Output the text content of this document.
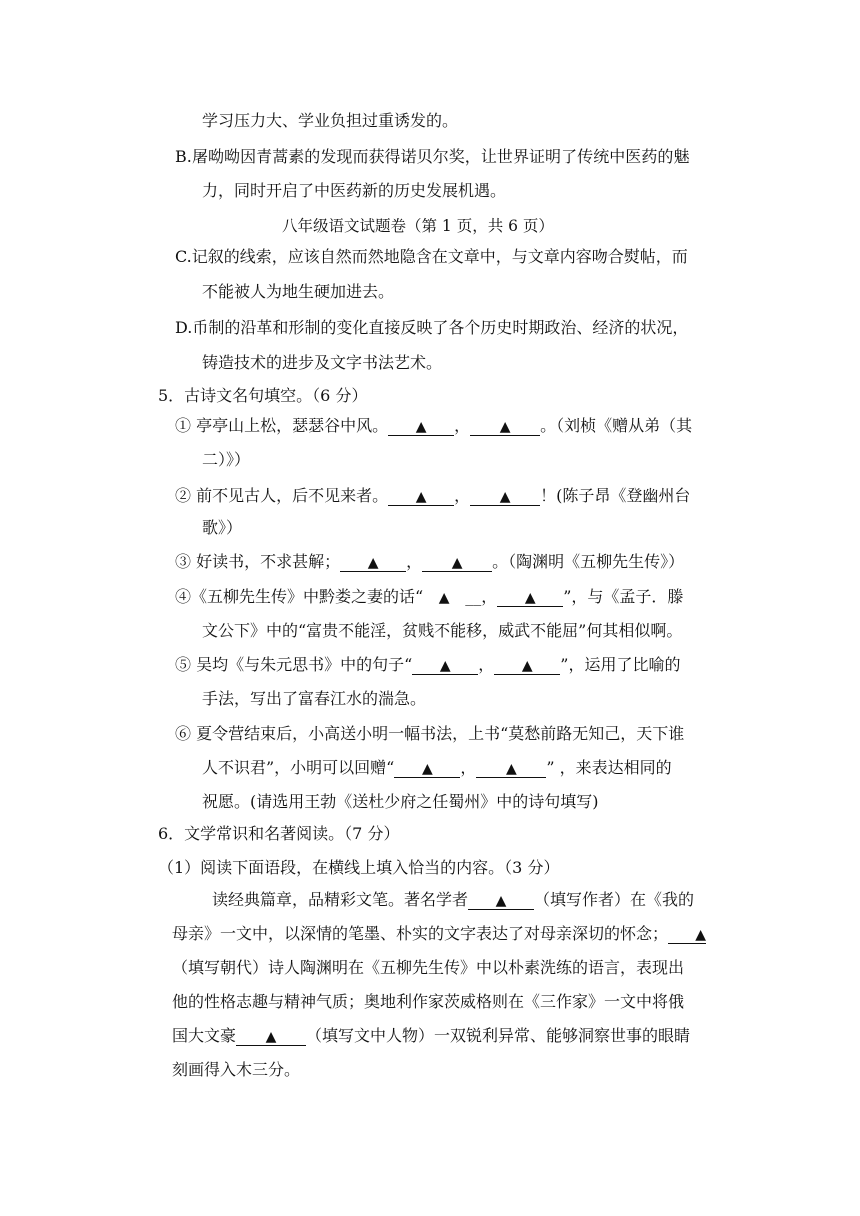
学习压力大、学业负担过重诱发的。
B.屠呦呦因青蒿素的发现而获得诺贝尔奖，让世界证明了传统中医药的魅
力，同时开启了中医药新的历史发展机遇。
八年级语文试题卷（第 1 页，共 6 页）
C.记叙的线索，应该自然而然地隐含在文章中，与文章内容吻合熨帖，而
不能被人为地生硬加进去。
D.币制的沿革和形制的变化直接反映了各个历史时期政治、经济的状况，
铸造技术的进步及文字书法艺术。
5．古诗文名句填空。（6 分）
① 亭亭山上松，瑟瑟谷中风。 ▲ ， ▲ 。（刘桢《赠从弟（其
二）》）
② 前不见古人，后不见来者。 ▲ ， ▲ ！(陈子昂《登幽州台
歌》）
③ 好读书，不求甚解； ▲ ， ▲ 。（陶渊明《五柳先生传》）
④《五柳先生传》中黔娄之妻的话“ ▲ __， ▲ ”，与《孟子．滕
文公下》中的“富贵不能淫，贫贱不能移，威武不能屈”何其相似啊。
⑤ 吴均《与朱元思书》中的句子“ ▲ ， ▲ ”，运用了比喻的
手法，写出了富春江水的湍急。
⑥ 夏令营结束后，小高送小明一幅书法，上书“莫愁前路无知己，天下谁
人不识君”，小明可以回赠“ ▲ ， ▲ ” ，来表达相同的
祝愿。(请选用王勃《送杜少府之任蜀州》中的诗句填写)
6．文学常识和名著阅读。（7 分）
（1）阅读下面语段，在横线上填入恰当的内容。（3 分）
读经典篇章，品精彩文笔。著名学者 ▲ （填写作者）在《我的
母亲》一文中，以深情的笔墨、朴实的文字表达了对母亲深切的怀念； ▲
（填写朝代）诗人陶渊明在《五柳先生传》中以朴素洗练的语言，表现出
他的性格志趣与精神气质；奥地利作家茨威格则在《三作家》一文中将俄
国大文豪 ▲ （填写文中人物）一双锐利异常、能够洞察世事的眼睛
刻画得入木三分。
